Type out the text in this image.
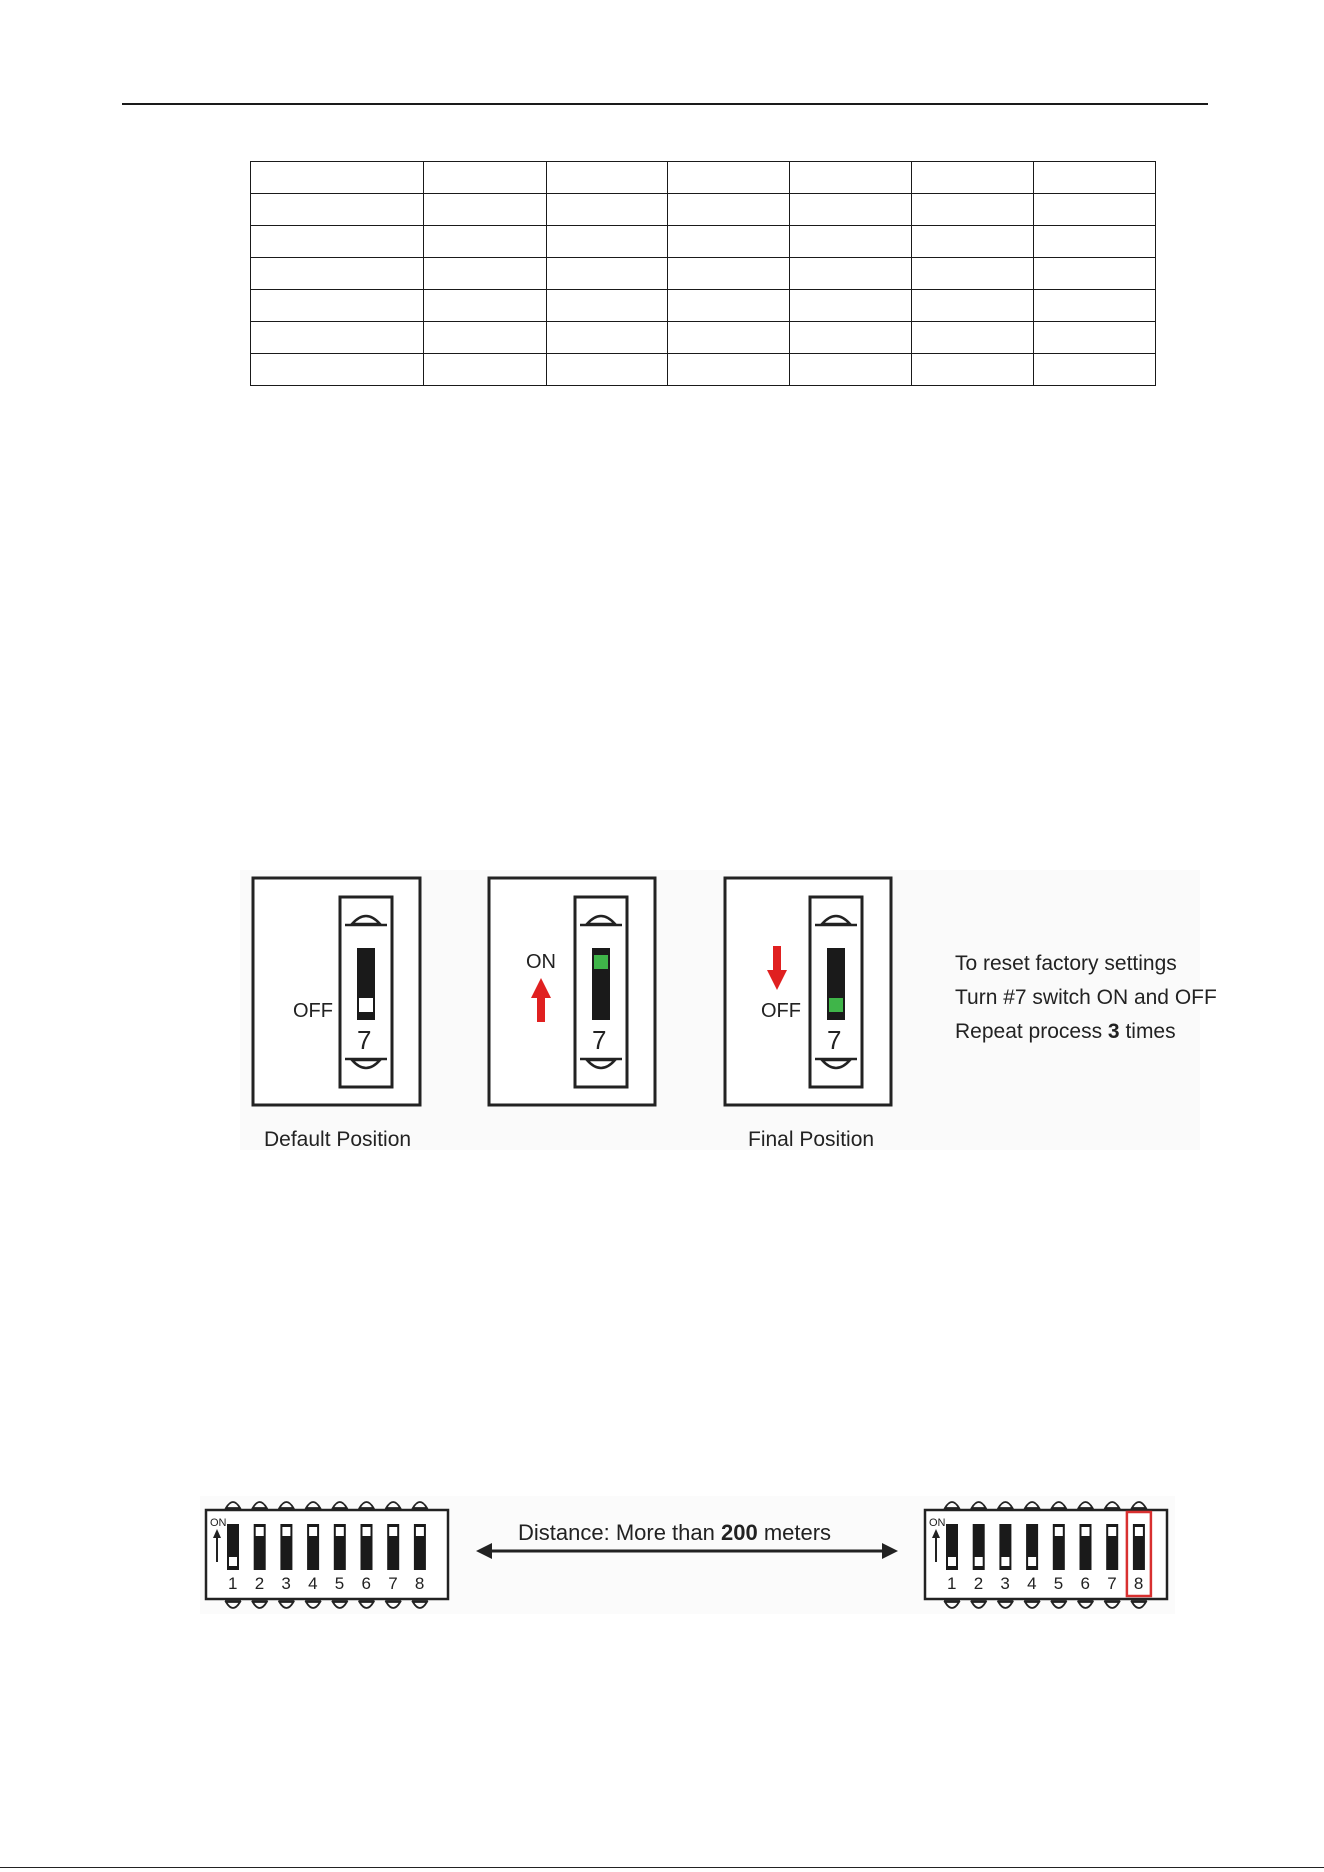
OFF
7
ON
7
OFF
7
To reset factory settings
Turn #7 switch ON and OFF
Repeat process 3 times
Default Position	Final Position
ON
1 2 3 4 5 6 7 8
ON
1 2 3 4 5 6 7 8
Distance: More than 200 meters
